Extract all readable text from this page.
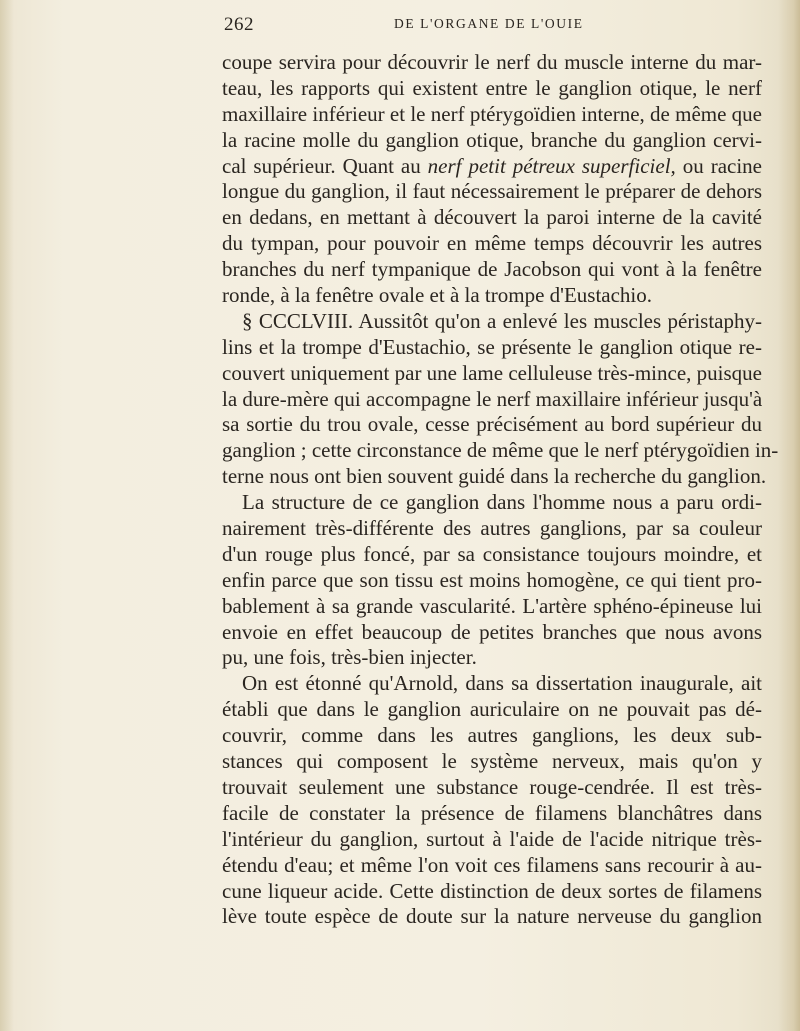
262	DE L'ORGANE DE L'OUIE
coupe servira pour découvrir le nerf du muscle interne du mar-
teau, les rapports qui existent entre le ganglion otique, le nerf
maxillaire inférieur et le nerf ptérygoïdien interne, de même que
la racine molle du ganglion otique, branche du ganglion cervi-
cal supérieur. Quant au nerf petit pétreux superficiel, ou racine
longue du ganglion, il faut nécessairement le préparer de dehors
en dedans, en mettant à découvert la paroi interne de la cavité
du tympan, pour pouvoir en même temps découvrir les autres
branches du nerf tympanique de Jacobson qui vont à la fenêtre
ronde, à la fenêtre ovale et à la trompe d'Eustachio.
§ CCCLVIII. Aussitôt qu'on a enlevé les muscles péristaphy-
lins et la trompe d'Eustachio, se présente le ganglion otique re-
couvert uniquement par une lame celluleuse très-mince, puisque
la dure-mère qui accompagne le nerf maxillaire inférieur jusqu'à
sa sortie du trou ovale, cesse précisément au bord supérieur du
ganglion ; cette circonstance de même que le nerf ptérygoïdien in-
terne nous ont bien souvent guidé dans la recherche du ganglion.
La structure de ce ganglion dans l'homme nous a paru ordi-
nairement très-différente des autres ganglions, par sa couleur
d'un rouge plus foncé, par sa consistance toujours moindre, et
enfin parce que son tissu est moins homogène, ce qui tient pro-
bablement à sa grande vascularité. L'artère sphéno-épineuse lui
envoie en effet beaucoup de petites branches que nous avons
pu, une fois, très-bien injecter.
On est étonné qu'Arnold, dans sa dissertation inaugurale, ait
établi que dans le ganglion auriculaire on ne pouvait pas dé-
couvrir, comme dans les autres ganglions, les deux sub-
stances qui composent le système nerveux, mais qu'on y
trouvait seulement une substance rouge-cendrée. Il est très-
facile de constater la présence de filamens blanchâtres dans
l'intérieur du ganglion, surtout à l'aide de l'acide nitrique très-
étendu d'eau; et même l'on voit ces filamens sans recourir à au-
cune liqueur acide. Cette distinction de deux sortes de filamens
lève toute espèce de doute sur la nature nerveuse du ganglion
